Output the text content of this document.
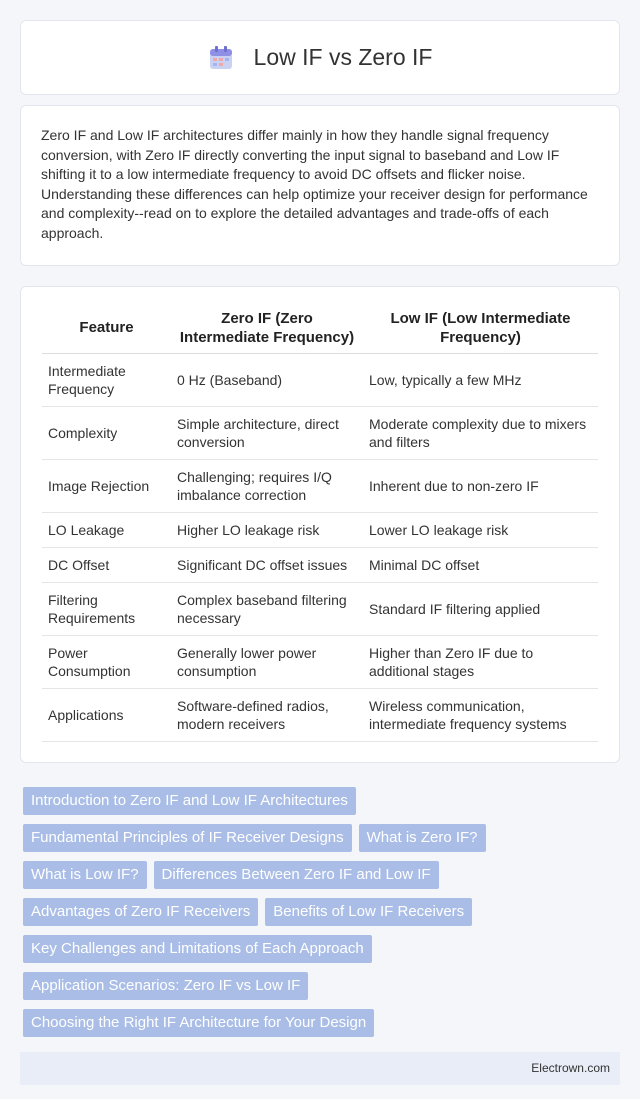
Low IF vs Zero IF

Zero IF and Low IF architectures differ mainly in how they handle signal frequency conversion, with Zero IF directly converting the input signal to baseband and Low IF shifting it to a low intermediate frequency to avoid DC offsets and flicker noise. Understanding these differences can help optimize your receiver design for performance and complexity--read on to explore the detailed advantages and trade-offs of each approach.

Feature	Zero IF (Zero Intermediate Frequency)	Low IF (Low Intermediate Frequency)
Intermediate Frequency	0 Hz (Baseband)	Low, typically a few MHz
Complexity	Simple architecture, direct conversion	Moderate complexity due to mixers and filters
Image Rejection	Challenging; requires I/Q imbalance correction	Inherent due to non-zero IF
LO Leakage	Higher LO leakage risk	Lower LO leakage risk
DC Offset	Significant DC offset issues	Minimal DC offset
Filtering Requirements	Complex baseband filtering necessary	Standard IF filtering applied
Power Consumption	Generally lower power consumption	Higher than Zero IF due to additional stages
Applications	Software-defined radios, modern receivers	Wireless communication, intermediate frequency systems
Introduction to Zero IF and Low IF Architectures
Fundamental Principles of IF Receiver Designs	What is Zero IF?
What is Low IF?	Differences Between Zero IF and Low IF
Advantages of Zero IF Receivers	Benefits of Low IF Receivers
Key Challenges and Limitations of Each Approach
Application Scenarios: Zero IF vs Low IF
Choosing the Right IF Architecture for Your Design
Electrown.com
